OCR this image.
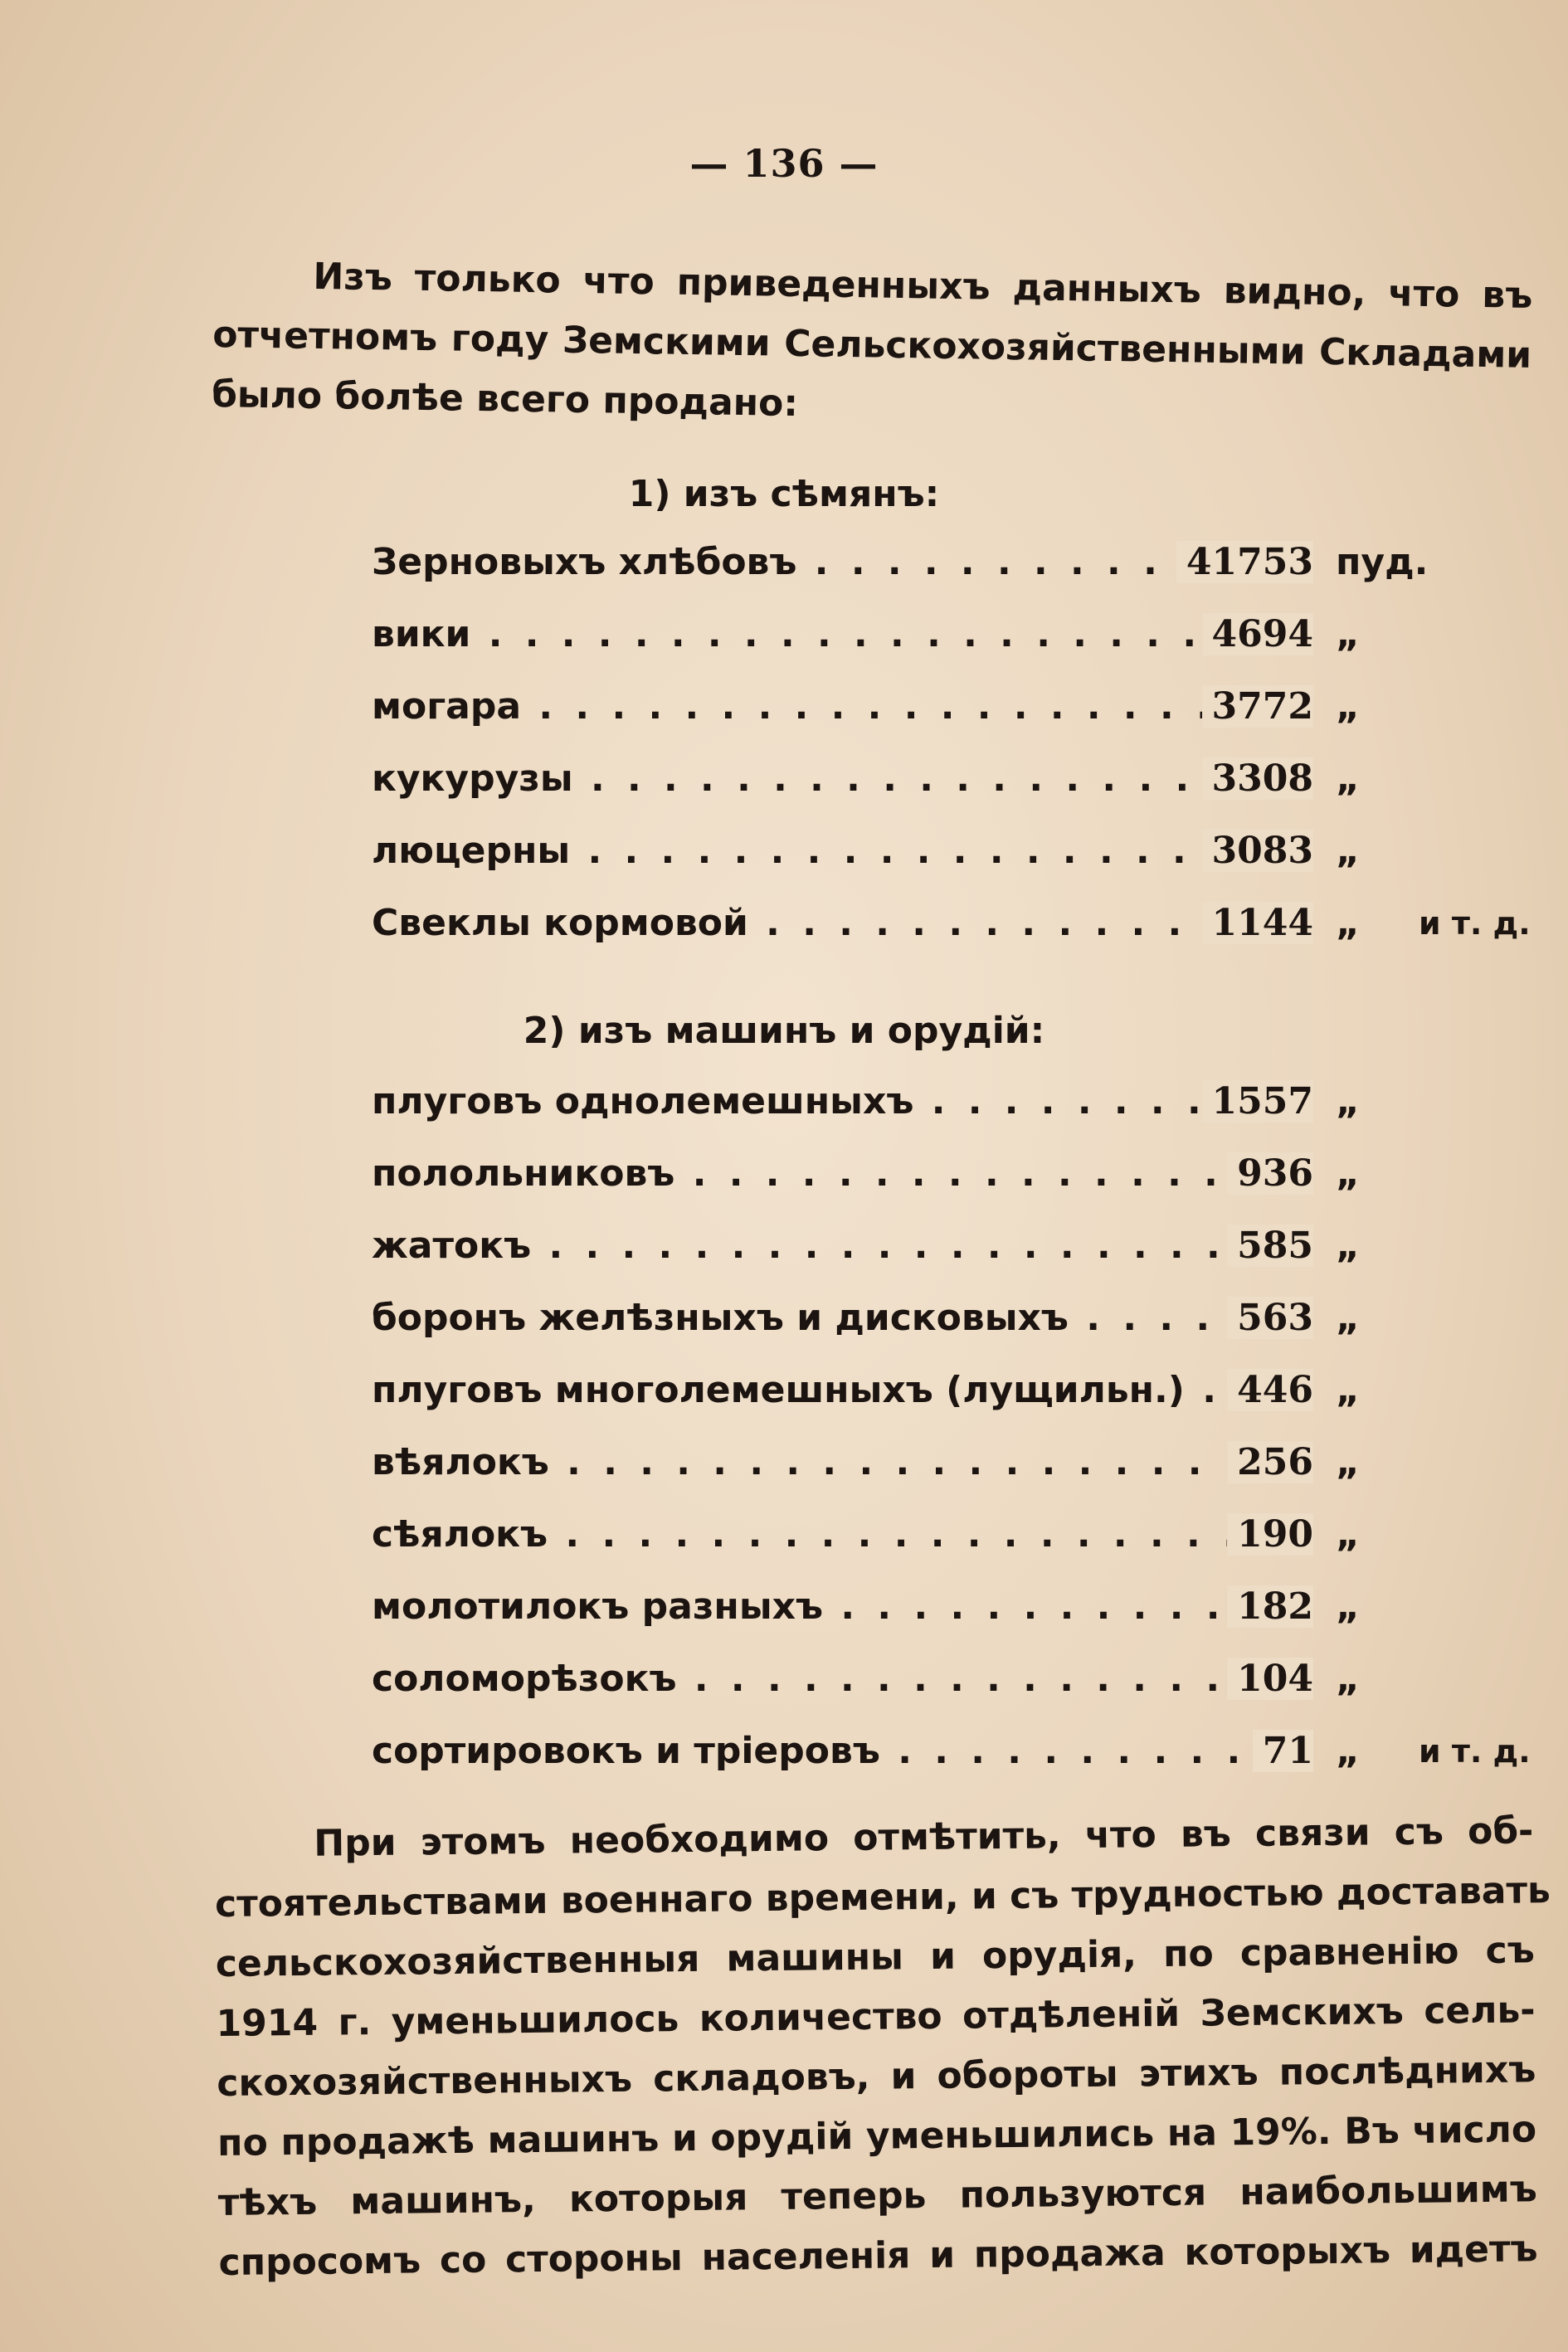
— 136 —
Изъ только что приведенныхъ данныхъ видно, что въ
отчетномъ году Земскими Сельскохозяйственными Складами
было болѣе всего продано:
1) изъ сѣмянъ:
Зерновыхъ хлѣбовъ . . .	41753 пуд.
вики . . .	4694 „
могара . . .	3772 „
кукурузы . . .	3308 „
люцерны . . .	3083 „
Свеклы кормовой . . .	1144 „ и т. д.
2) изъ машинъ и орудій:
плуговъ однолемешныхъ . . .	1557 „
полольниковъ . . .	936 „
жатокъ . . .	585 „
боронъ желѣзныхъ и дисковыхъ . . .	563 „
плуговъ многолемешныхъ (лущильн.) . . .	446 „
вѣялокъ . . .	256 „
сѣялокъ . . .	190 „
молотилокъ разныхъ . . .	182 „
соломорѣзокъ . . .	104 „
сортировокъ и тріеровъ . . .	71 „ и т. д.
При этомъ необходимо отмѣтить, что въ связи съ об-
стоятельствами военнаго времени, и съ трудностью доставать
сельскохозяйственныя машины и орудія, по сравненію съ
1914 г. уменьшилось количество отдѣленій Земскихъ сель-
скохозяйственныхъ складовъ, и обороты этихъ послѣднихъ
по продажѣ машинъ и орудій уменьшились на 19%. Въ число
тѣхъ машинъ, которыя теперь пользуются наибольшимъ
спросомъ со стороны населенія и продажа которыхъ идетъ
